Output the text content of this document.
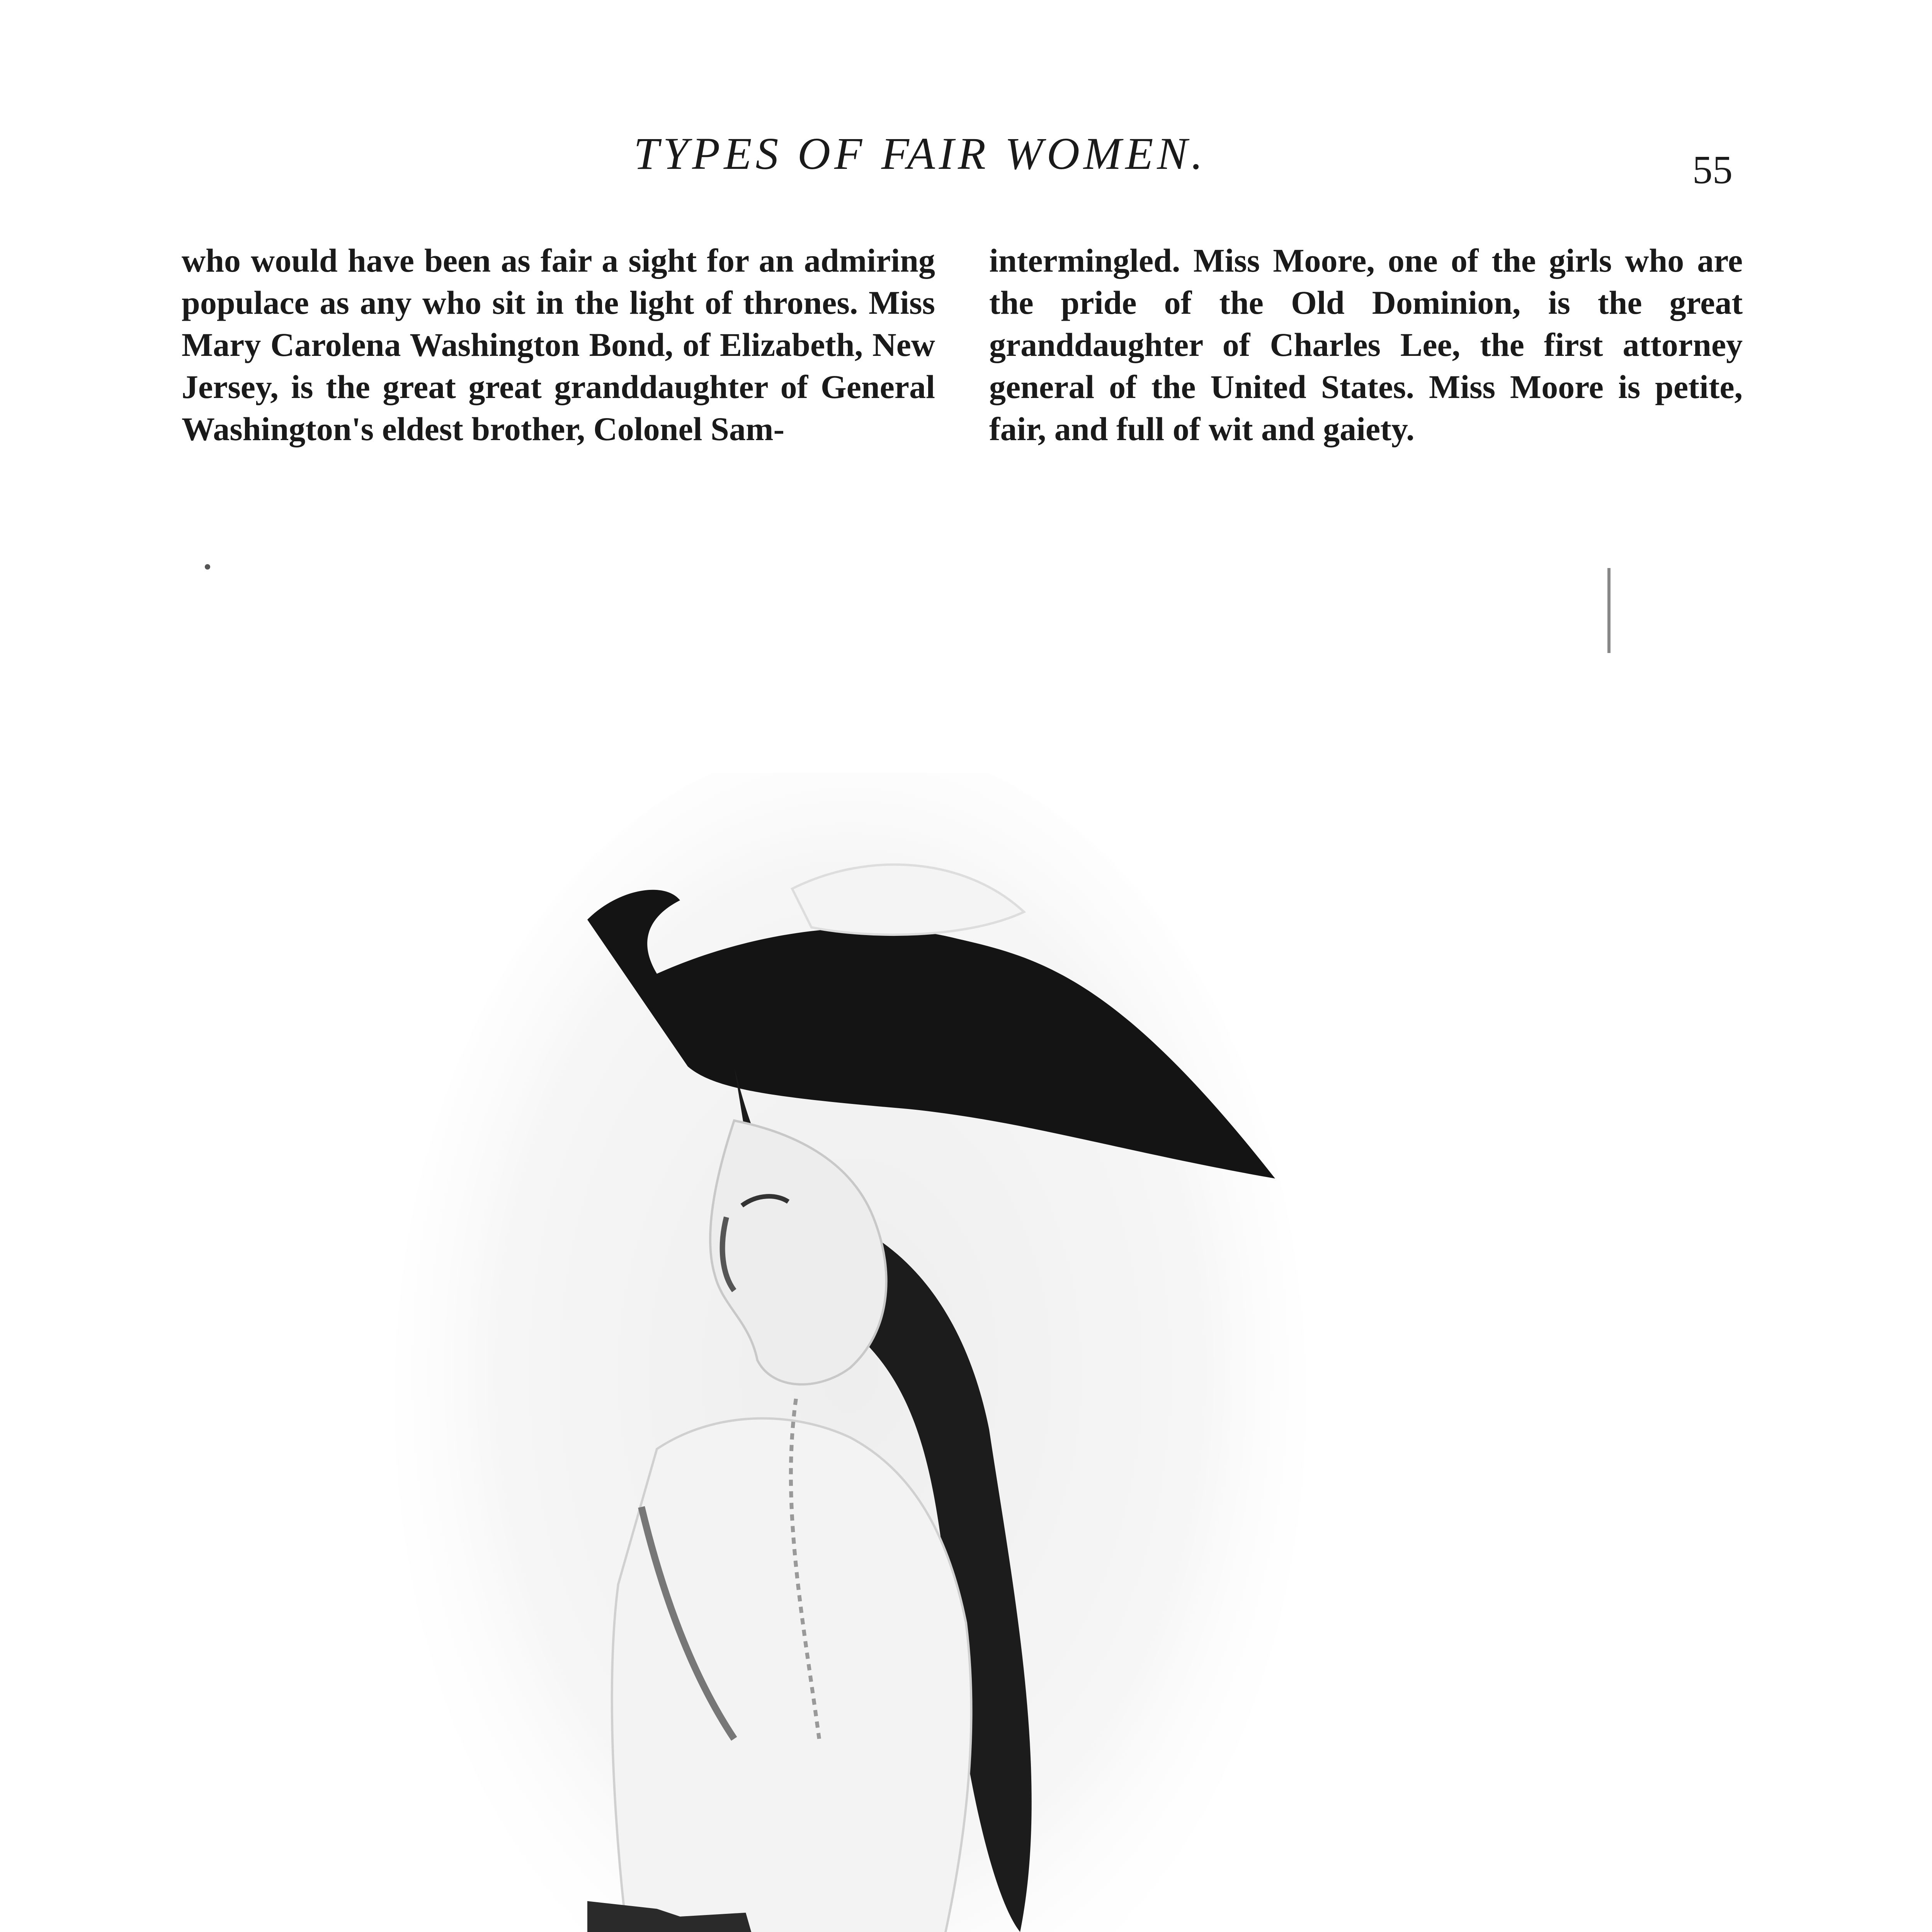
TYPES OF FAIR WOMEN.	55

who would have been as fair a sight for an admiring populace as any who sit in the light of thrones. Miss Mary Carolena Washington Bond, of Elizabeth, New Jersey, is the great great granddaughter of General Washington's eldest brother, Colonel Sam-

intermingled. Miss Moore, one of the girls who are the pride of the Old Dominion, is the great granddaughter of Charles Lee, the first attorney general of the United States. Miss Moore is petite, fair, and full of wit and gaiety.
